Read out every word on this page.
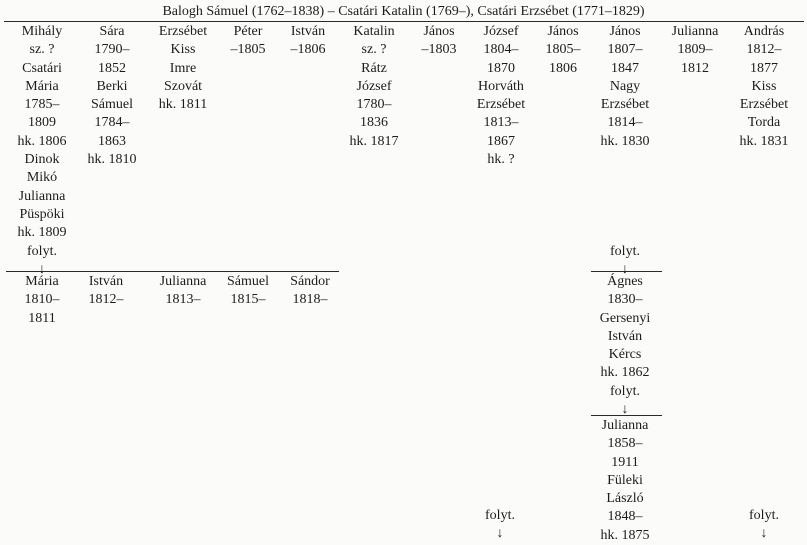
Balogh Sámuel (1762–1838) – Csatári Katalin (1769–), Csatári Erzsébet (1771–1829)
Mihály
sz. ?
Csatári
Mária
1785–
1809
hk. 1806
Dinok
Mikó
Julianna
Püspöki
hk. 1809
folyt.
↓
Sára
1790–
1852
Berki
Sámuel
1784–
1863
hk. 1810
Erzsébet
Kiss
Imre
Szovát
hk. 1811
Péter
–1805
István
–1806
Katalin
sz. ?
Rátz
József
1780–
1836
hk. 1817
János
–1803
József
1804–
1870
Horváth
Erzsébet
1813–
1867
hk. ?
János
1805–
1806
János
1807–
1847
Nagy
Erzsébet
1814–
hk. 1830
folyt.
↓
Julianna
1809–
1812
András
1812–
1877
Kiss
Erzsébet
Torda
hk. 1831
Mária
1810–
1811
István
1812–
Julianna
1813–
Sámuel
1815–
Sándor
1818–
Ágnes
1830–
Gersenyi
István
Kércs
hk. 1862
folyt.
↓
Julianna
1858–
1911
Füleki
László
1848–
hk. 1875
folyt.
↓
folyt.
↓
